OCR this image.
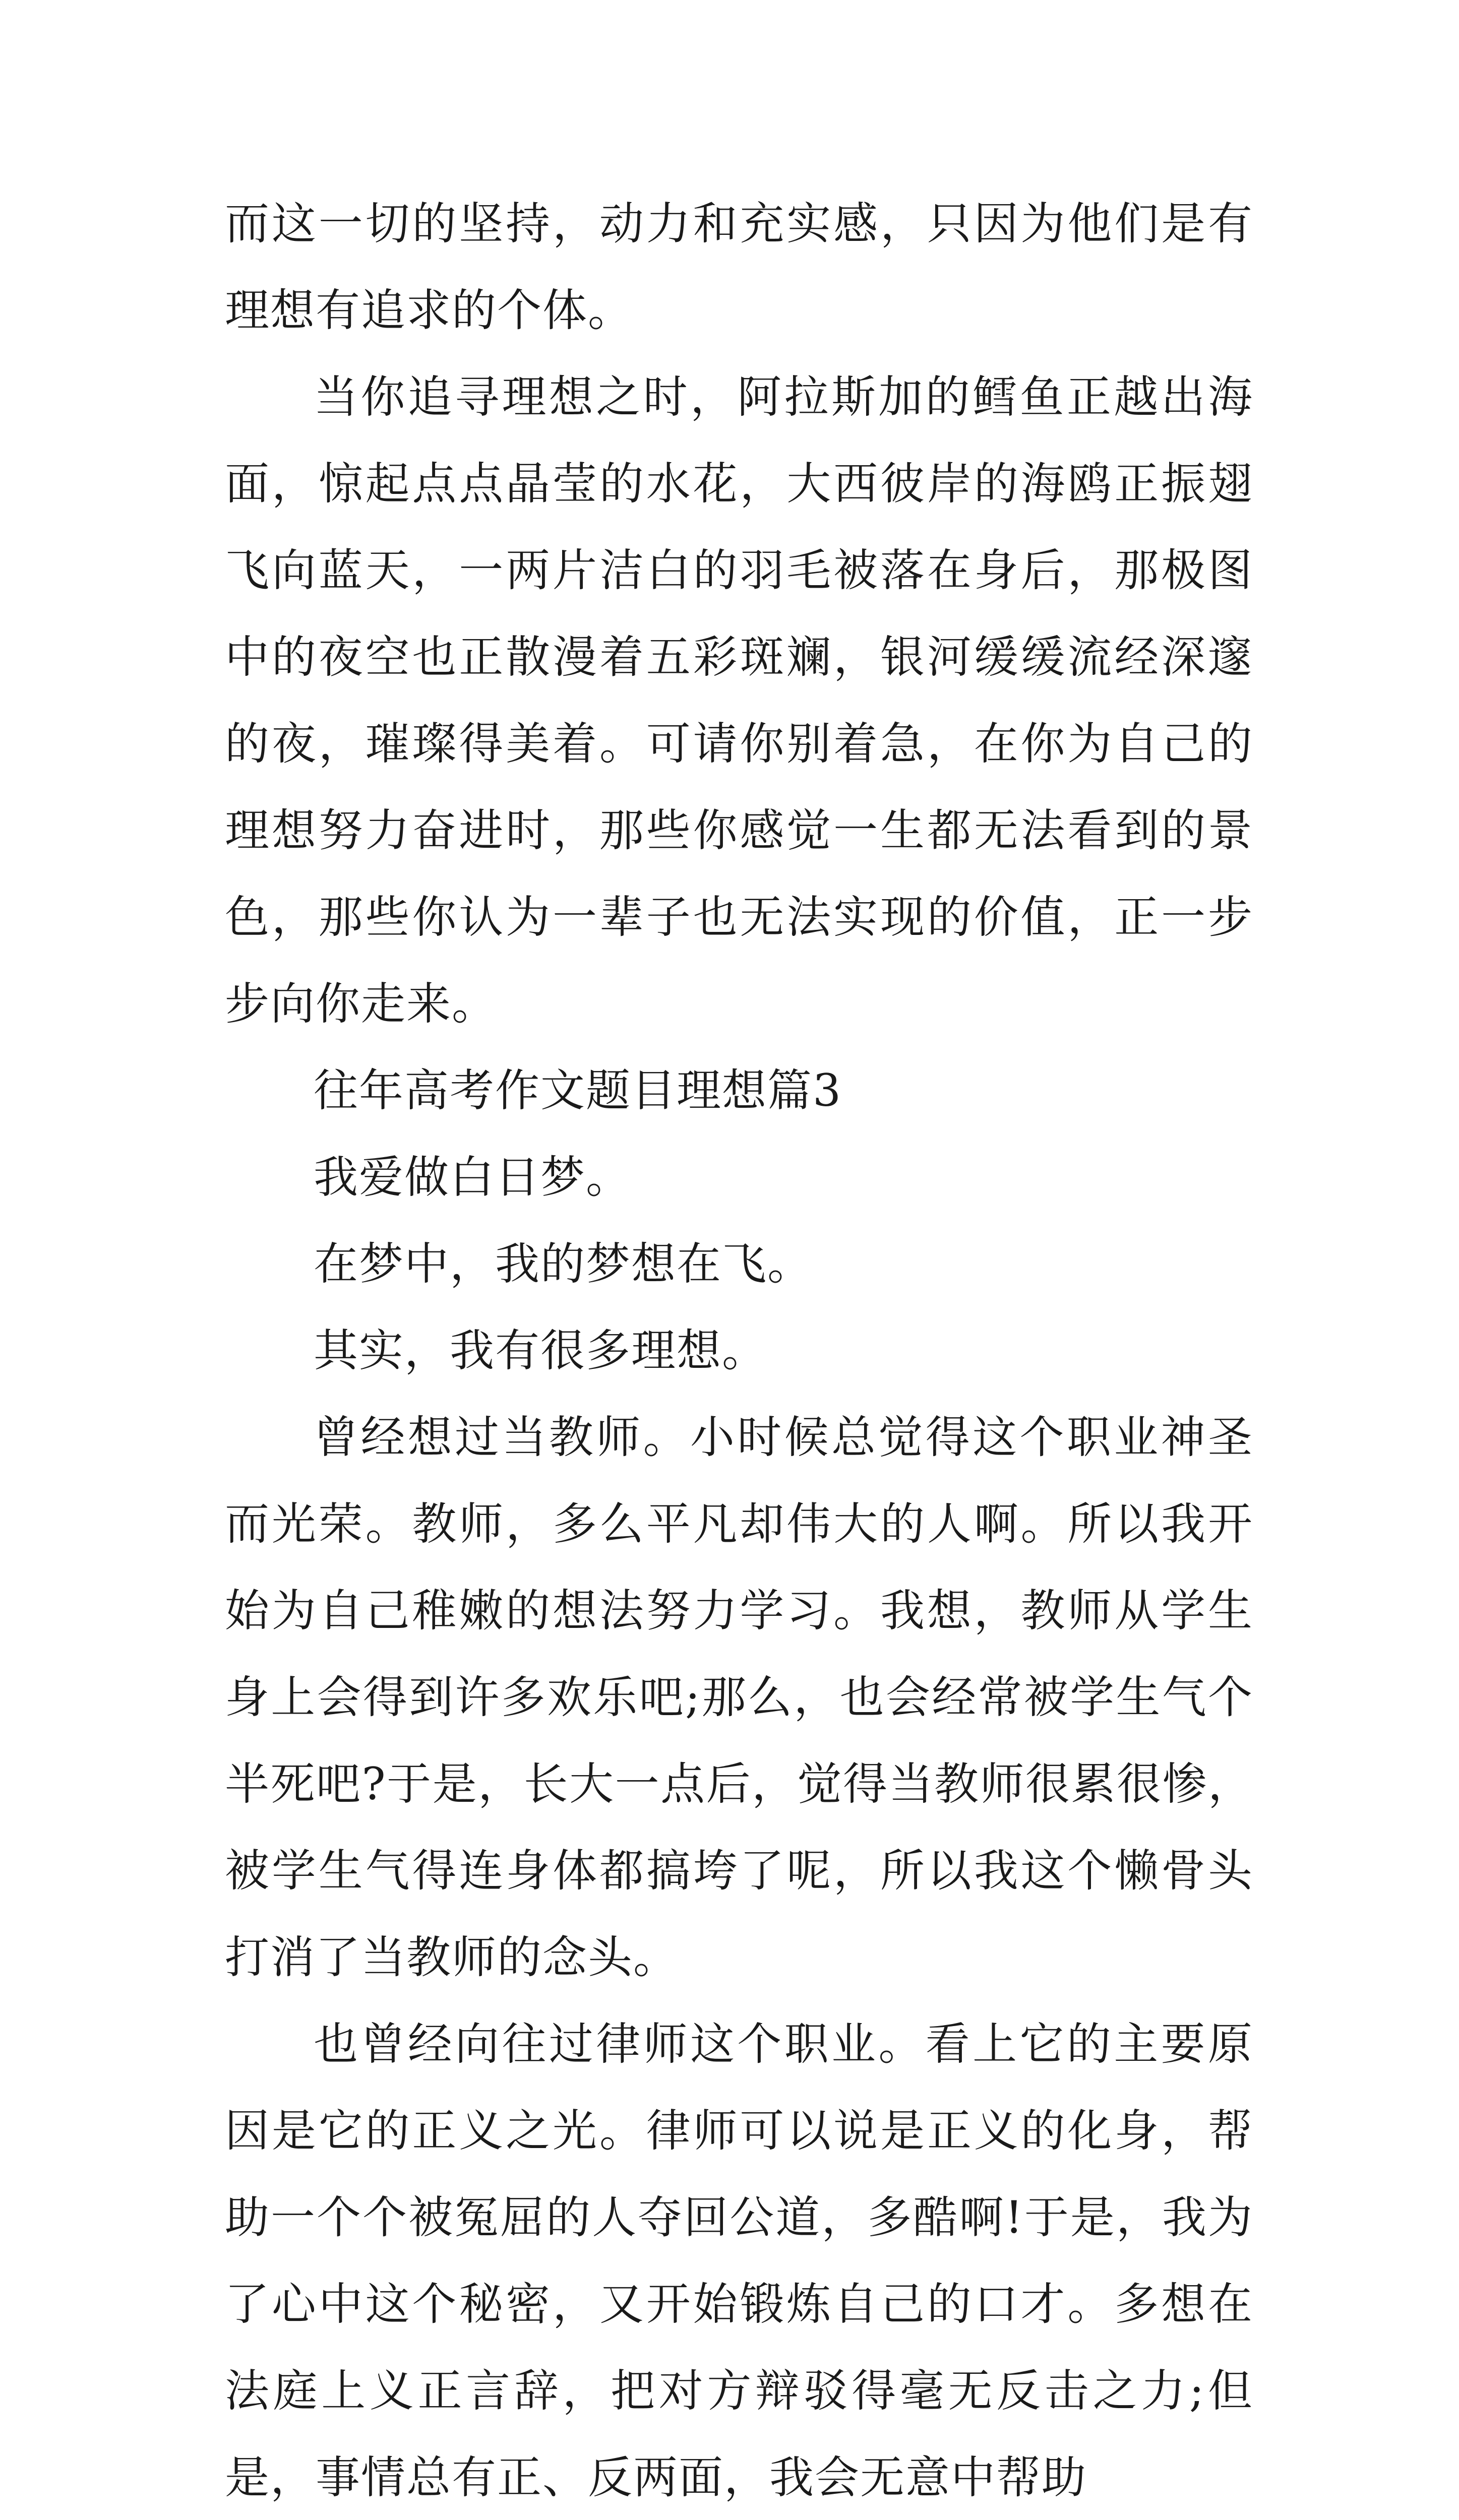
而这一切的坚持，动力和充实感，只因为他们是有理想有追求的个体。

当你追寻理想之时，阿拉斯加的鳕鱼正越出海面，惊起点点晶莹的水花，大西彼岸的海鸥正振翅飞向蓝天，一两片洁白的羽毛被落在身后，那极图中的夜空也正散漫着五彩斑斓，银河缓缓流经深邃的夜，璀璨得美着。可请你别着急，在你为自己的理想努力奋进时，那些你感觉一生都无法看到的景色，那些你认为一辈子也无法实现的价值，正一步步向你走来。

往年高考作文题目理想篇3

我爱做白日梦。

在梦中，我的梦想在飞。

其实，我有很多理想。

曾经想过当教师。小时候总觉得这个职业神圣而光荣。教师，多么平凡却伟大的人啊。所以我开始为自己稚嫩的想法努力学习。我想，教师从学生身上会得到许多欢乐吧;那么，也会经常被学生气个半死吧?于是，长大一点后，觉得当教师很累很惨，被学生气得连身体都搞垮了呢，所以我这个懒骨头打消了当教师的念头。

也曾经向往过律师这个职业。看上它的主要原因是它的正义之光。律师可以说是正义的化身，帮助一个个被冤屈的人夺回公道，多酷啊!于是，我为了心中这个秘密，又开始锻炼自己的口才。多想在法庭上义正言辞，把对方辩驳得毫无反击之力;但是，事情总有正、反两面，我会无意中帮助
